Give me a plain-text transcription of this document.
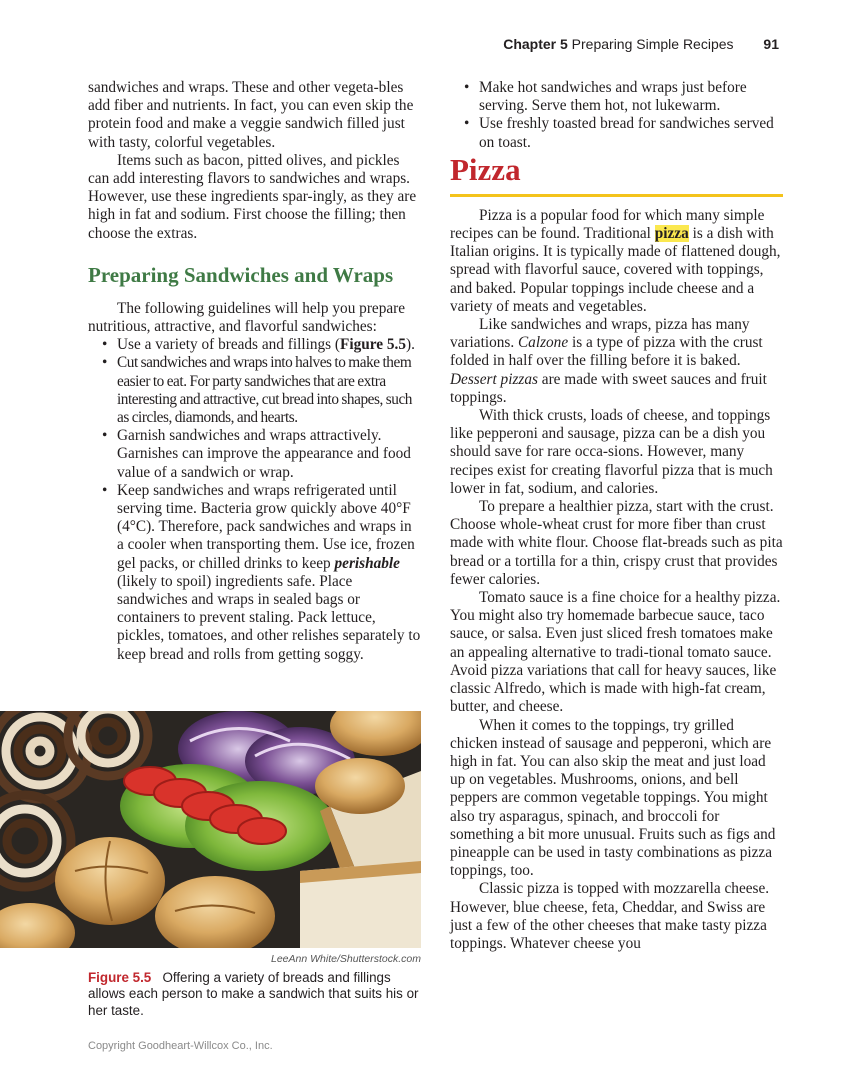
Chapter 5 Preparing Simple Recipes 91

sandwiches and wraps. These and other vegeta-bles add fiber and nutrients. In fact, you can even skip the protein food and make a veggie sandwich filled just with tasty, colorful vegetables.

Items such as bacon, pitted olives, and pickles can add interesting flavors to sandwiches and wraps. However, use these ingredients spar-ingly, as they are high in fat and sodium. First choose the filling; then choose the extras.

Preparing Sandwiches and Wraps

The following guidelines will help you prepare nutritious, attractive, and flavorful sandwiches:

• Use a variety of breads and fillings (Figure 5.5).
• Cut sandwiches and wraps into halves to make them easier to eat. For party sandwiches that are extra interesting and attractive, cut bread into shapes, such as circles, diamonds, and hearts.
• Garnish sandwiches and wraps attractively. Garnishes can improve the appearance and food value of a sandwich or wrap.
• Keep sandwiches and wraps refrigerated until serving time. Bacteria grow quickly above 40°F (4°C). Therefore, pack sandwiches and wraps in a cooler when transporting them. Use ice, frozen gel packs, or chilled drinks to keep perishable (likely to spoil) ingredients safe. Place sandwiches and wraps in sealed bags or containers to prevent staling. Pack lettuce, pickles, tomatoes, and other relishes separately to keep bread and rolls from getting soggy.
LeeAnn White/Shutterstock.com
Figure 5.5 Offering a variety of breads and fillings allows each person to make a sandwich that suits his or her taste.
• Make hot sandwiches and wraps just before serving. Serve them hot, not lukewarm.
• Use freshly toasted bread for sandwiches served on toast.
Pizza

Pizza is a popular food for which many simple recipes can be found. Traditional pizza is a dish with Italian origins. It is typically made of flattened dough, spread with flavorful sauce, covered with toppings, and baked. Popular toppings include cheese and a variety of meats and vegetables.

Like sandwiches and wraps, pizza has many variations. Calzone is a type of pizza with the crust folded in half over the filling before it is baked. Dessert pizzas are made with sweet sauces and fruit toppings.

With thick crusts, loads of cheese, and toppings like pepperoni and sausage, pizza can be a dish you should save for rare occa-sions. However, many recipes exist for creating flavorful pizza that is much lower in fat, sodium, and calories.

To prepare a healthier pizza, start with the crust. Choose whole-wheat crust for more fiber than crust made with white flour. Choose flat-breads such as pita bread or a tortilla for a thin, crispy crust that provides fewer calories.

Tomato sauce is a fine choice for a healthy pizza. You might also try homemade barbecue sauce, taco sauce, or salsa. Even just sliced fresh tomatoes make an appealing alternative to tradi-tional tomato sauce. Avoid pizza variations that call for heavy sauces, like classic Alfredo, which is made with high-fat cream, butter, and cheese.

When it comes to the toppings, try grilled chicken instead of sausage and pepperoni, which are high in fat. You can also skip the meat and just load up on vegetables. Mushrooms, onions, and bell peppers are common vegetable toppings. You might also try asparagus, spinach, and broccoli for something a bit more unusual. Fruits such as figs and pineapple can be used in tasty combinations as pizza toppings, too.

Classic pizza is topped with mozzarella cheese. However, blue cheese, feta, Cheddar, and Swiss are just a few of the other cheeses that make tasty pizza toppings. Whatever cheese you

Copyright Goodheart-Willcox Co., Inc.
